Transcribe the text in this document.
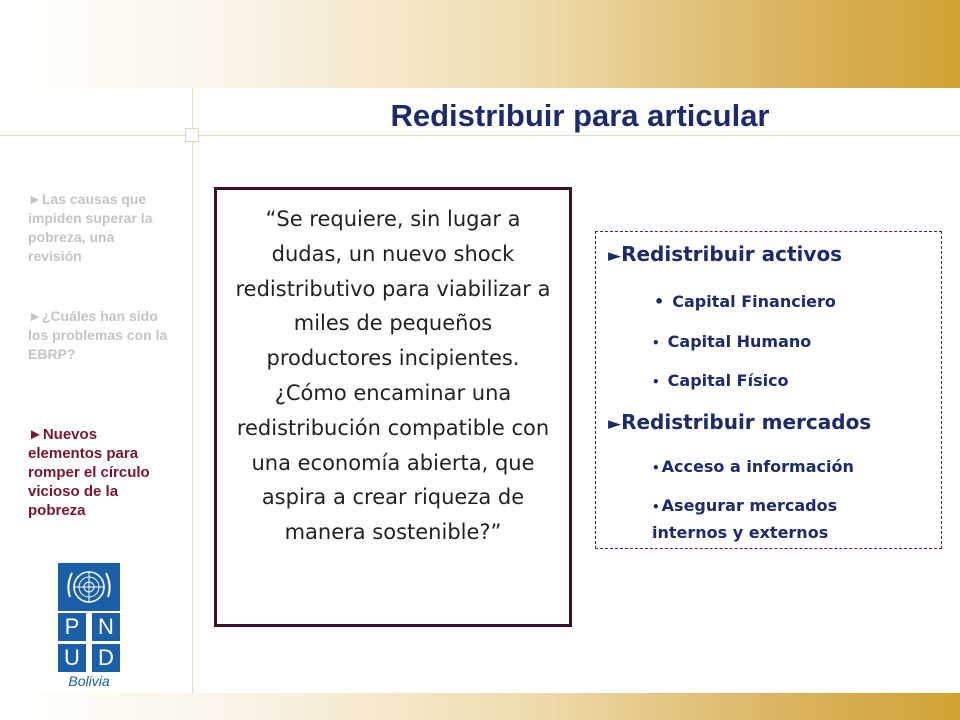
Redistribuir para articular
►Las causas que impiden superar la pobreza, una revisión
►¿Cuáles han sido los problemas con la EBRP?
►Nuevos elementos para romper el círculo vicioso de la pobreza
P N
U D
Bolivia
“Se requiere, sin lugar a dudas, un nuevo shock redistributivo para viabilizar a miles de pequeños productores incipientes. ¿Cómo encaminar una redistribución compatible con una economía abierta, que aspira a crear riqueza de manera sostenible?”
►Redistribuir activos
• Capital Financiero
• Capital Humano
• Capital Físico
►Redistribuir mercados
• Acceso a información
• Asegurar mercados
internos y externos
